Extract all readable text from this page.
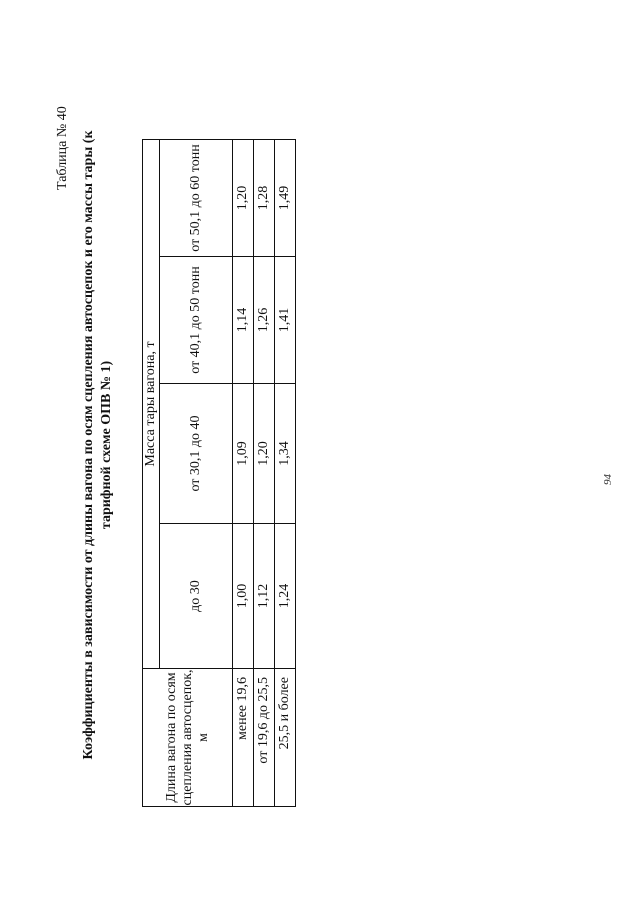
Таблица № 40 Коэффициенты в зависимости от длины вагона по осям сцепления автосцепок и его массы тары (к тарифной схеме ОПВ № 1)
Длина вагона по осям сцепления автосцепок, м	Масса тары вагона, т			
	до 30	от 30,1 до 40	от 40,1 до 50 тонн	от 50,1 до 60 тонн
менее 19,6	1,00	1,09	1,14	1,20
от 19,6 до 25,5	1,12	1,20	1,26	1,28
25,5 и более	1,24	1,34	1,41	1,49
94
